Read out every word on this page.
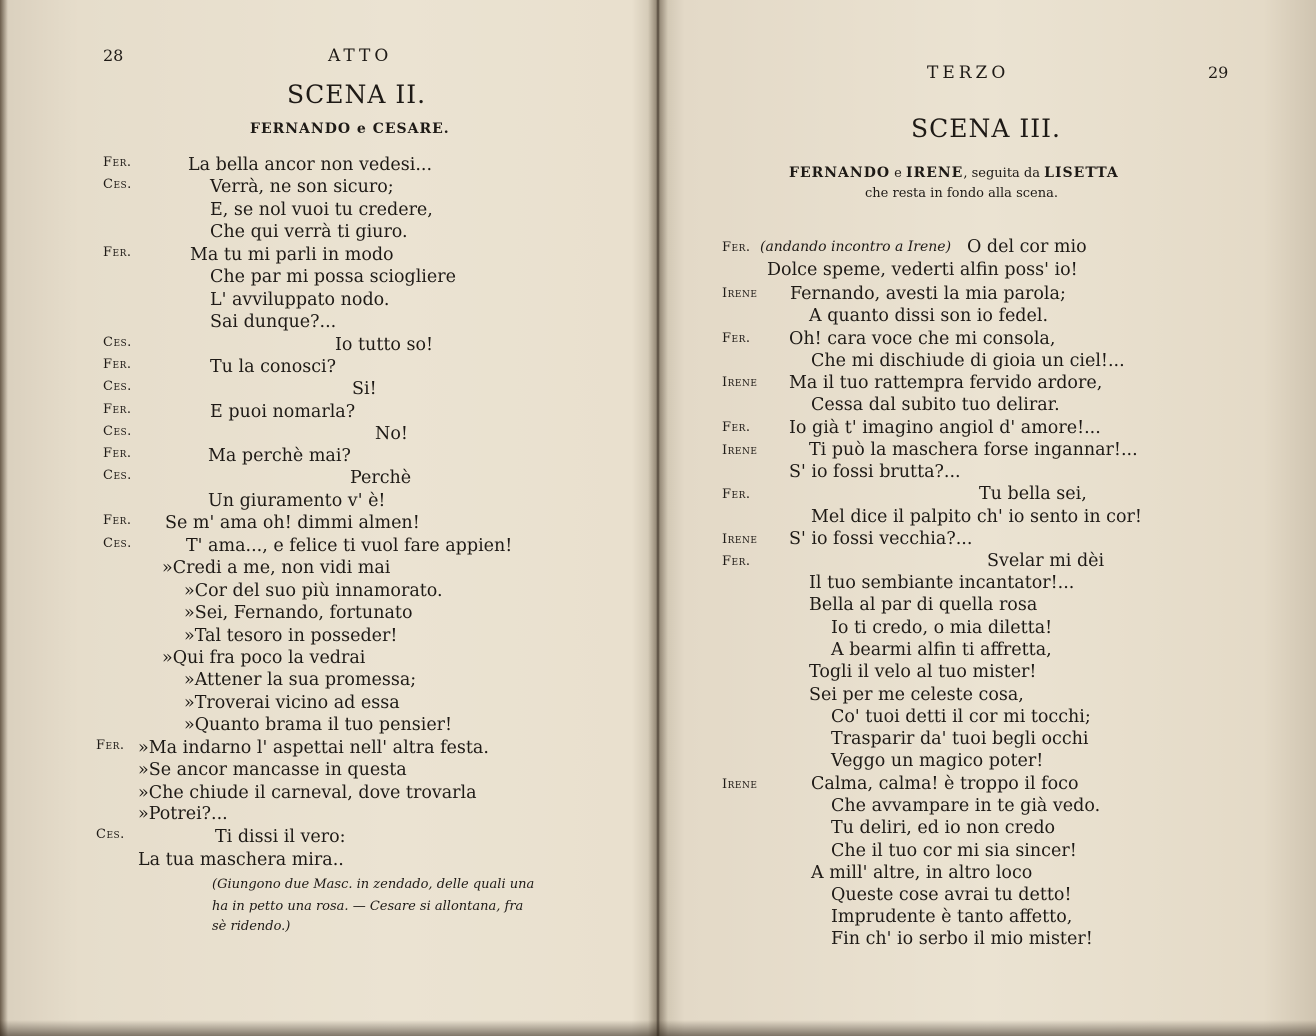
28	ATTO
SCENA II.
FERNANDO e CESARE.
Fer.	La bella ancor non vedesi...
Ces.	Verrà, ne son sicuro;
E, se nol vuoi tu credere,
Che qui verrà ti giuro.
Fer.	Ma tu mi parli in modo
Che par mi possa sciogliere
L' avviluppato nodo.
Sai dunque?...
Ces.	Io tutto so!
Fer.	Tu la conosci?
Ces.	Si!
Fer.	E puoi nomarla?
Ces.	No!
Fer.	Ma perchè mai?
Ces.	Perchè
Un giuramento v' è!
Fer. Se m' ama oh! dimmi almen!
Ces.	T' ama..., e felice ti vuol fare appien!
»Credi a me, non vidi mai
»Cor del suo più innamorato.
»Sei, Fernando, fortunato
»Tal tesoro in posseder!
»Qui fra poco la vedrai
»Attener la sua promessa;
»Troverai vicino ad essa
»Quanto brama il tuo pensier!
Fer. »Ma indarno l' aspettai nell' altra festa.
»Se ancor mancasse in questa
»Che chiude il carneval, dove trovarla
»Potrei?...
Ces.	Ti dissi il vero:
La tua maschera mira..
(Giungono due Masc. in zendado, delle quali una
ha in petto una rosa. — Cesare si allontana, fra
sè ridendo.)
TERZO	29
SCENA III.
FERNANDO e IRENE, seguita da LISETTA
che resta in fondo alla scena.
Fer. (andando incontro a Irene) O del cor mio
Dolce speme, vederti alfin poss' io!
Irene Fernando, avesti la mia parola;
A quanto dissi son io fedel.
Fer. Oh! cara voce che mi consola,
Che mi dischiude di gioia un ciel!...
Irene Ma il tuo rattempra fervido ardore,
Cessa dal subito tuo delirar.
Fer. Io già t' imagino angiol d' amore!...
Irene	Ti può la maschera forse ingannar!...
S' io fossi brutta?...
Fer.	Tu bella sei,
Mel dice il palpito ch' io sento in cor!
Irene S' io fossi vecchia?...
Fer.	Svelar mi dèi
Il tuo sembiante incantator!...
Bella al par di quella rosa
Io ti credo, o mia diletta!
A bearmi alfin ti affretta,
Togli il velo al tuo mister!
Sei per me celeste cosa,
Co' tuoi detti il cor mi tocchi;
Trasparir da' tuoi begli occhi
Veggo un magico poter!
Irene	Calma, calma! è troppo il foco
Che avvampare in te già vedo.
Tu deliri, ed io non credo
Che il tuo cor mi sia sincer!
A mill' altre, in altro loco
Queste cose avrai tu detto!
Imprudente è tanto affetto,
Fin ch' io serbo il mio mister!
